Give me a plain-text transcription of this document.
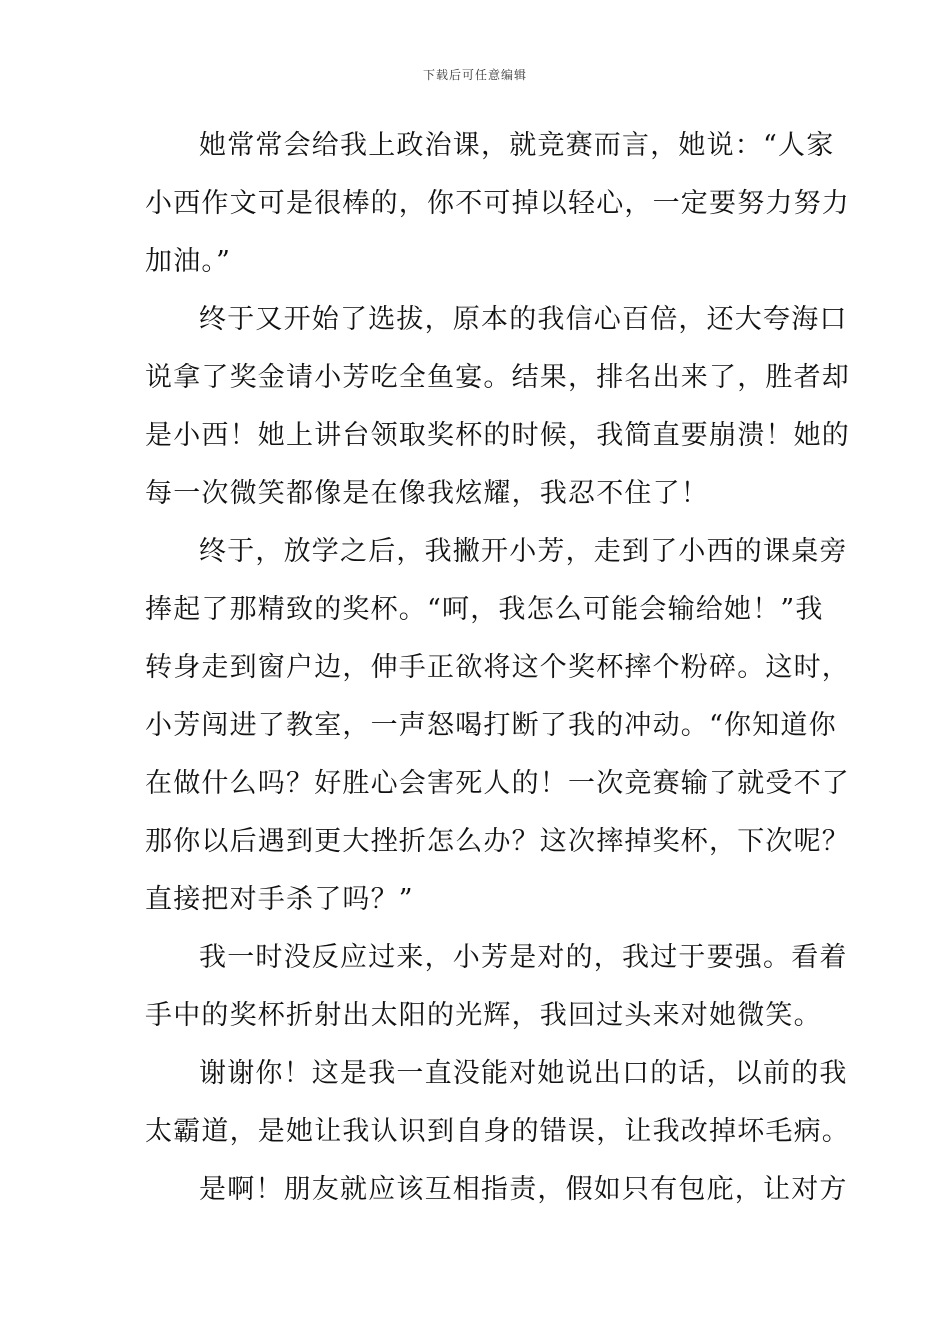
下载后可任意编辑
她常常会给我上政治课，就竞赛而言，她说：“人家
小西作文可是很棒的，你不可掉以轻心，一定要努力努力
加油。”
终于又开始了选拔，原本的我信心百倍，还大夸海口
说拿了奖金请小芳吃全鱼宴。结果，排名出来了，胜者却
是小西！她上讲台领取奖杯的时候，我简直要崩溃！她的
每一次微笑都像是在像我炫耀，我忍不住了！
终于，放学之后，我撇开小芳，走到了小西的课桌旁
捧起了那精致的奖杯。“呵，我怎么可能会输给她！”我
转身走到窗户边，伸手正欲将这个奖杯摔个粉碎。这时，
小芳闯进了教室，一声怒喝打断了我的冲动。“你知道你
在做什么吗？好胜心会害死人的！一次竞赛输了就受不了
那你以后遇到更大挫折怎么办？这次摔掉奖杯，下次呢？
直接把对手杀了吗？”
我一时没反应过来，小芳是对的，我过于要强。看着
手中的奖杯折射出太阳的光辉，我回过头来对她微笑。
谢谢你！这是我一直没能对她说出口的话，以前的我
太霸道，是她让我认识到自身的错误，让我改掉坏毛病。
是啊！朋友就应该互相指责，假如只有包庇，让对方
